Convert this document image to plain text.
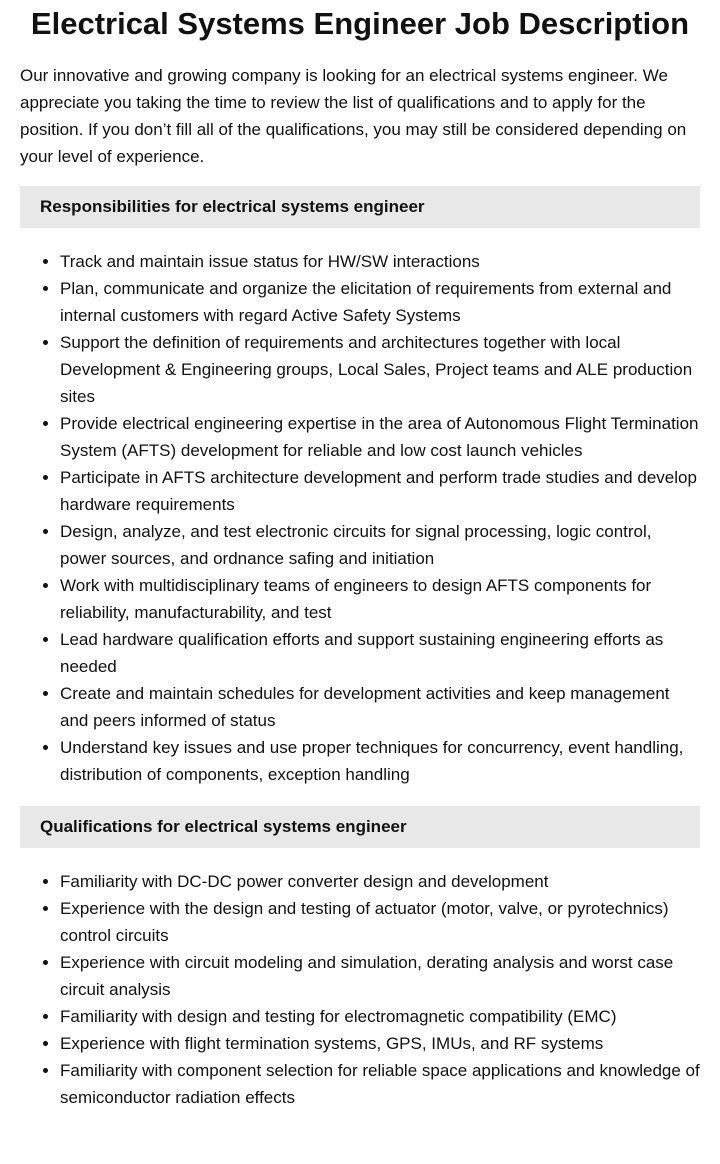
Electrical Systems Engineer Job Description

Our innovative and growing company is looking for an electrical systems engineer. We appreciate you taking the time to review the list of qualifications and to apply for the position. If you don’t fill all of the qualifications, you may still be considered depending on your level of experience.

Responsibilities for electrical systems engineer
• Track and maintain issue status for HW/SW interactions
• Plan, communicate and organize the elicitation of requirements from external and internal customers with regard Active Safety Systems
• Support the definition of requirements and architectures together with local Development & Engineering groups, Local Sales, Project teams and ALE production sites
• Provide electrical engineering expertise in the area of Autonomous Flight Termination System (AFTS) development for reliable and low cost launch vehicles
• Participate in AFTS architecture development and perform trade studies and develop hardware requirements
• Design, analyze, and test electronic circuits for signal processing, logic control, power sources, and ordnance safing and initiation
• Work with multidisciplinary teams of engineers to design AFTS components for reliability, manufacturability, and test
• Lead hardware qualification efforts and support sustaining engineering efforts as needed
• Create and maintain schedules for development activities and keep management and peers informed of status
• Understand key issues and use proper techniques for concurrency, event handling, distribution of components, exception handling
Qualifications for electrical systems engineer
• Familiarity with DC-DC power converter design and development
• Experience with the design and testing of actuator (motor, valve, or pyrotechnics) control circuits
• Experience with circuit modeling and simulation, derating analysis and worst case circuit analysis
• Familiarity with design and testing for electromagnetic compatibility (EMC)
• Experience with flight termination systems, GPS, IMUs, and RF systems
• Familiarity with component selection for reliable space applications and knowledge of semiconductor radiation effects
